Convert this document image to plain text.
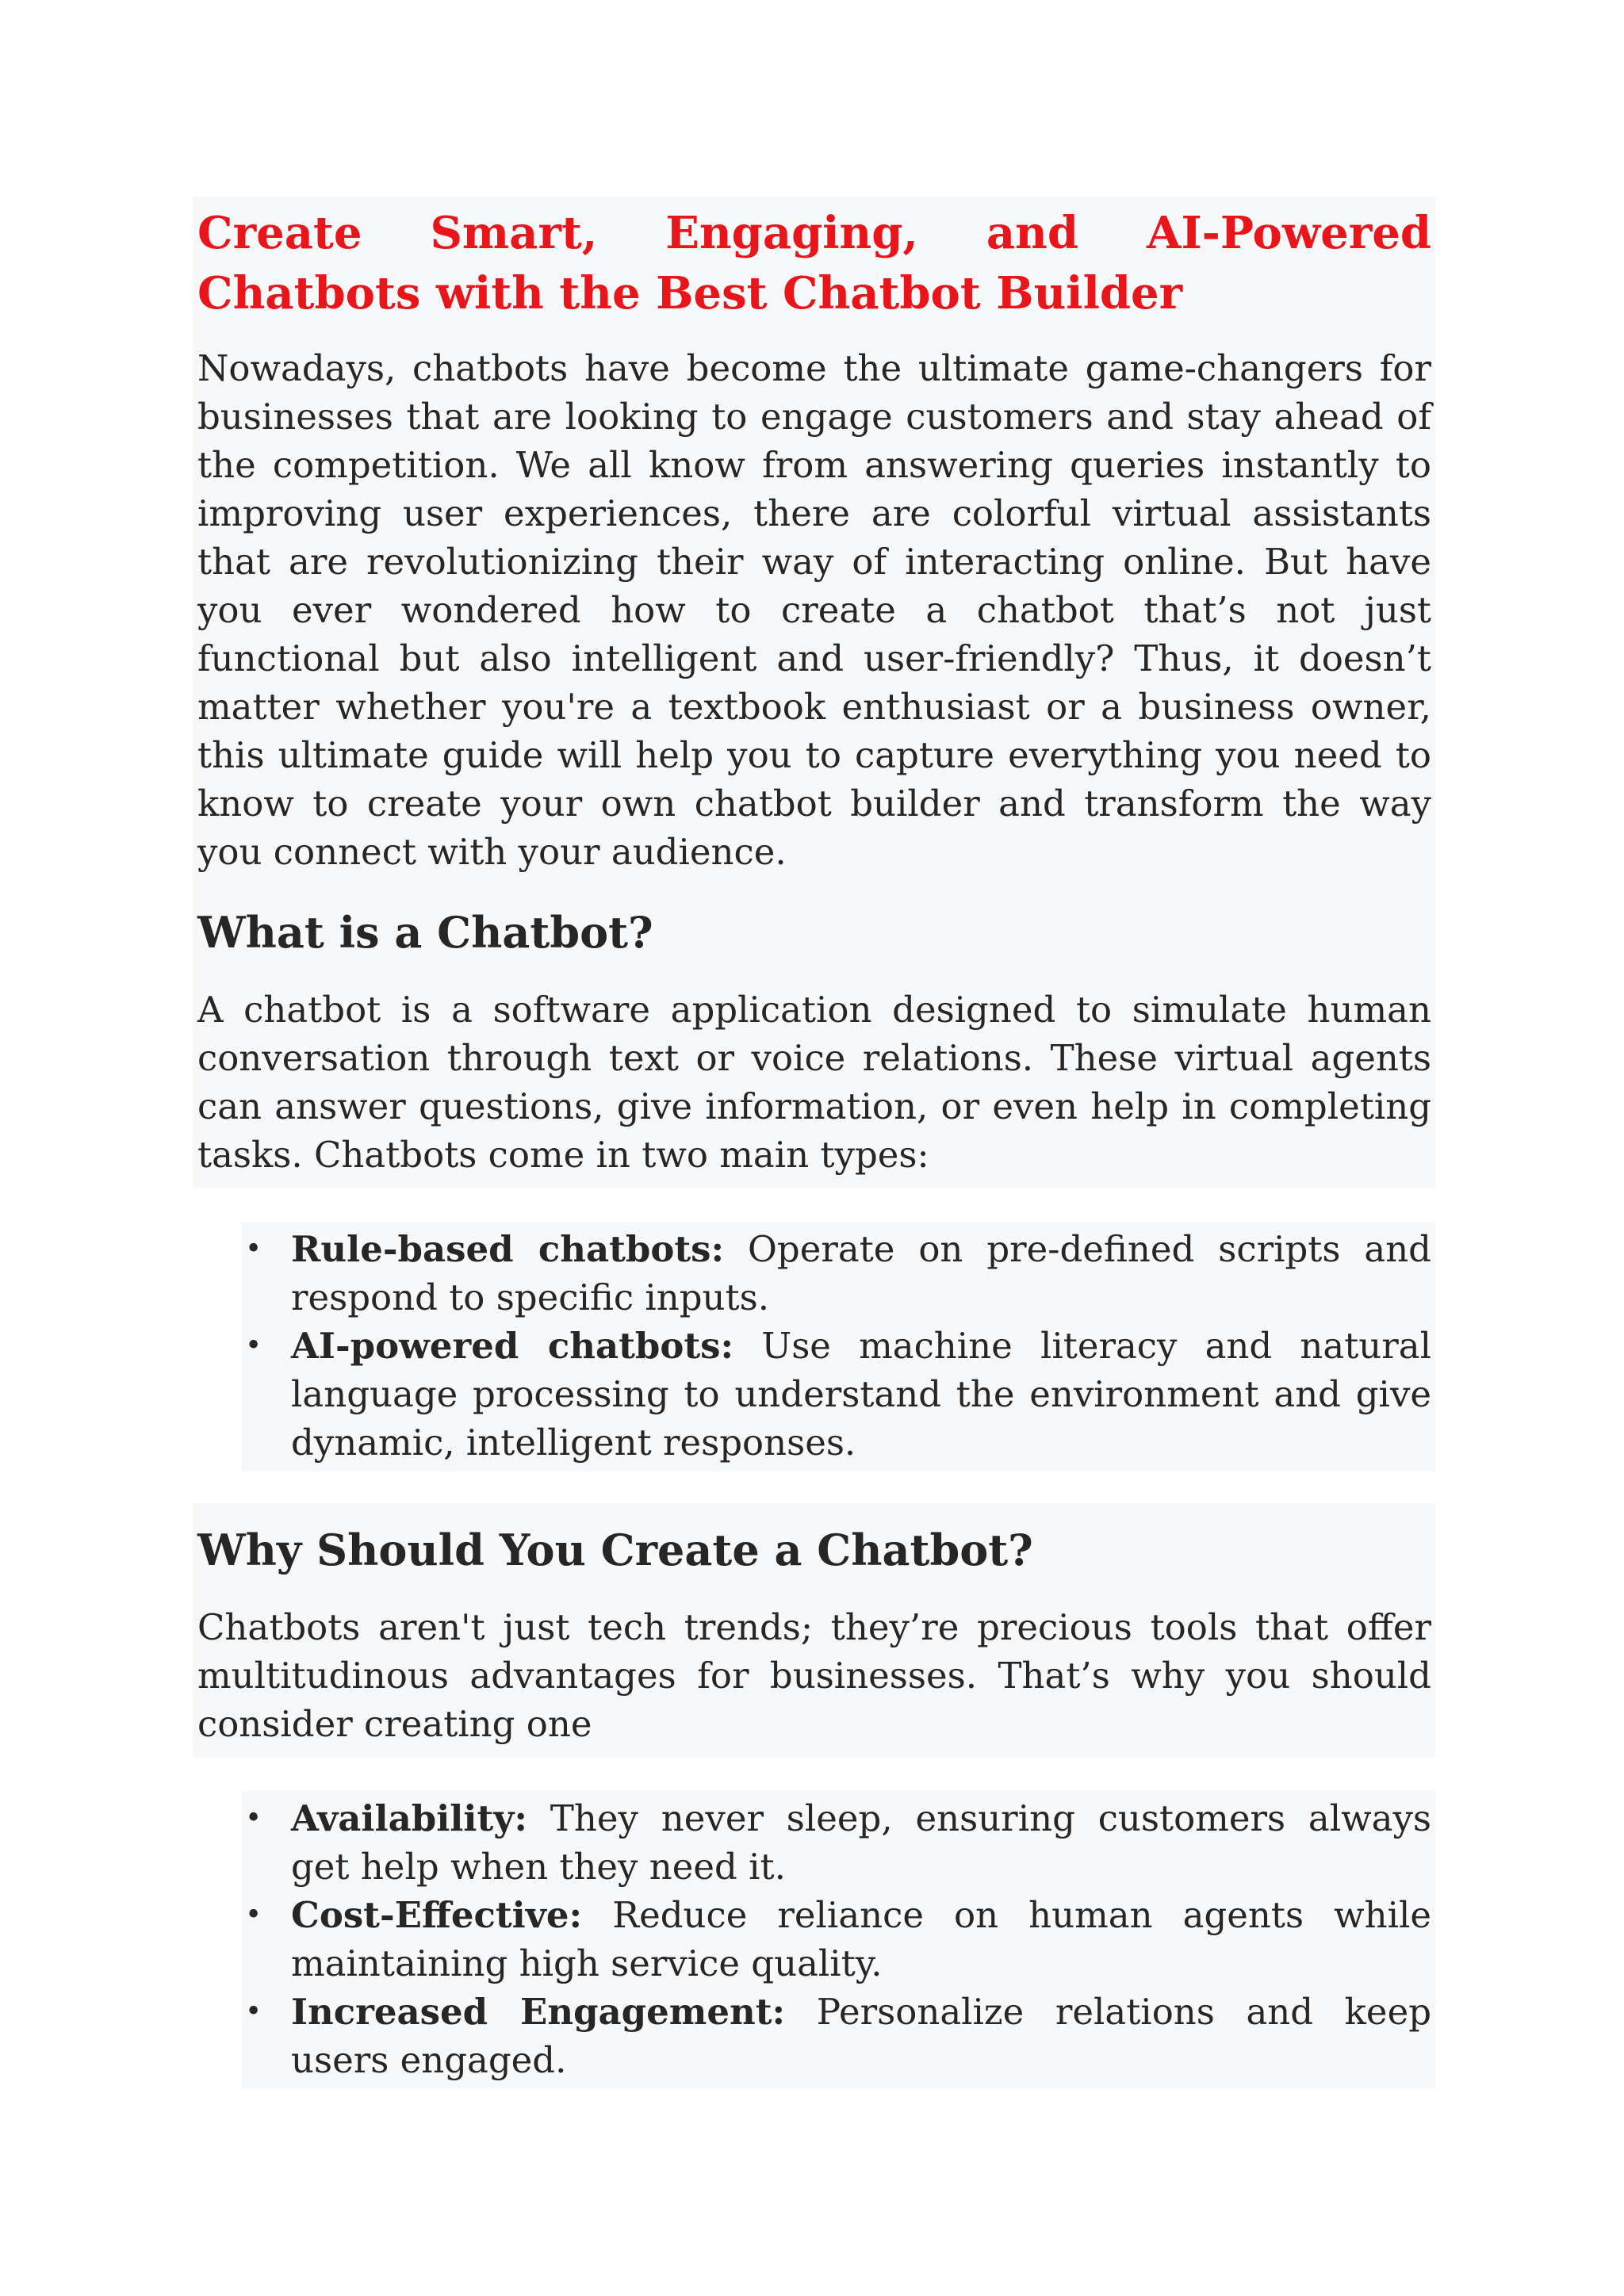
Create Smart, Engaging, and AI-Powered Chatbots with the Best Chatbot Builder

Nowadays, chatbots have become the ultimate game-changers for businesses that are looking to engage customers and stay ahead of the competition. We all know from answering queries instantly to improving user experiences, there are colorful virtual assistants that are revolutionizing their way of interacting online. But have you ever wondered how to create a chatbot that’s not just functional but also intelligent and user-friendly? Thus, it doesn’t matter whether you're a textbook enthusiast or a business owner, this ultimate guide will help you to capture everything you need to know to create your own chatbot builder and transform the way you connect with your audience.

What is a Chatbot?

A chatbot is a software application designed to simulate human conversation through text or voice relations. These virtual agents can answer questions, give information, or even help in completing tasks. Chatbots come in two main types:

• Rule-based chatbots: Operate on pre-defined scripts and respond to specific inputs.
• AI-powered chatbots: Use machine literacy and natural language processing to understand the environment and give dynamic, intelligent responses.
Why Should You Create a Chatbot?

Chatbots aren't just tech trends; they’re precious tools that offer multitudinous advantages for businesses. That’s why you should consider creating one

• Availability: They never sleep, ensuring customers always get help when they need it.
• Cost-Effective: Reduce reliance on human agents while maintaining high service quality.
• Increased Engagement: Personalize relations and keep users engaged.
